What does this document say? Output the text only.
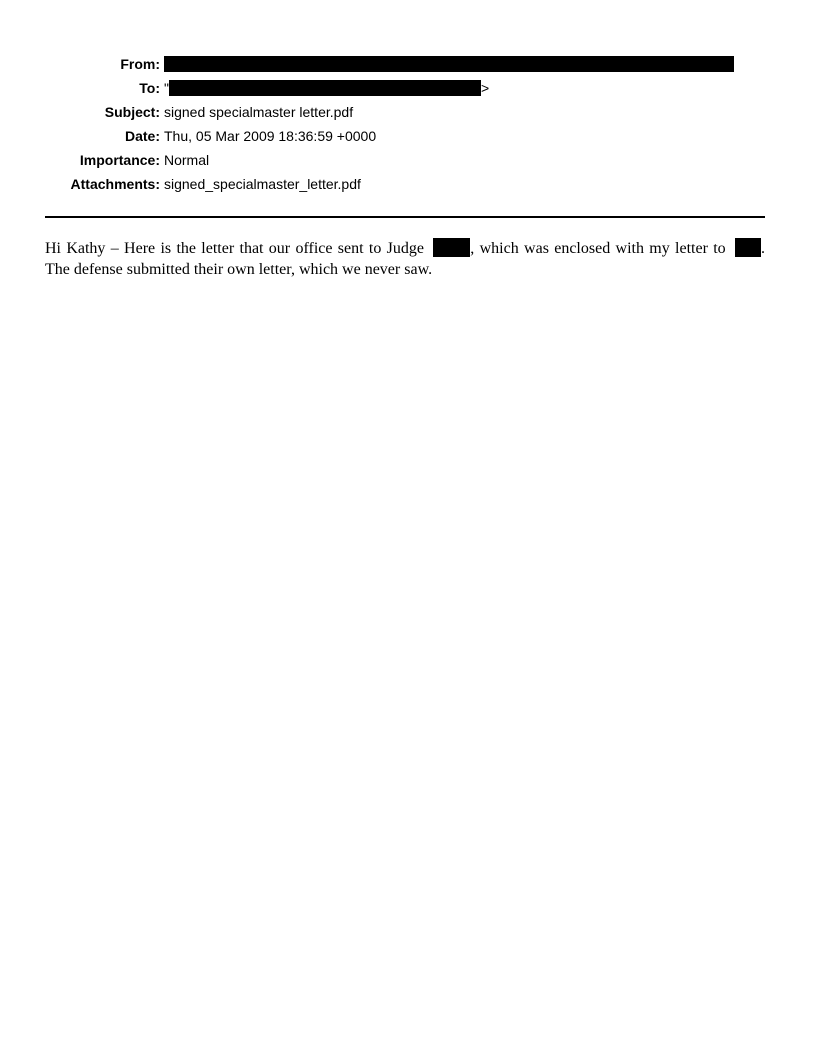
From:
To: "	>
Subject: signed specialmaster letter.pdf
Date: Thu, 05 Mar 2009 18:36:59 +0000
Importance: Normal
Attachments: signed_specialmaster_letter.pdf
Hi Kathy – Here is the letter that our office sent to Judge	, which was enclosed with my letter to . The defense submitted their own letter, which we never saw.
